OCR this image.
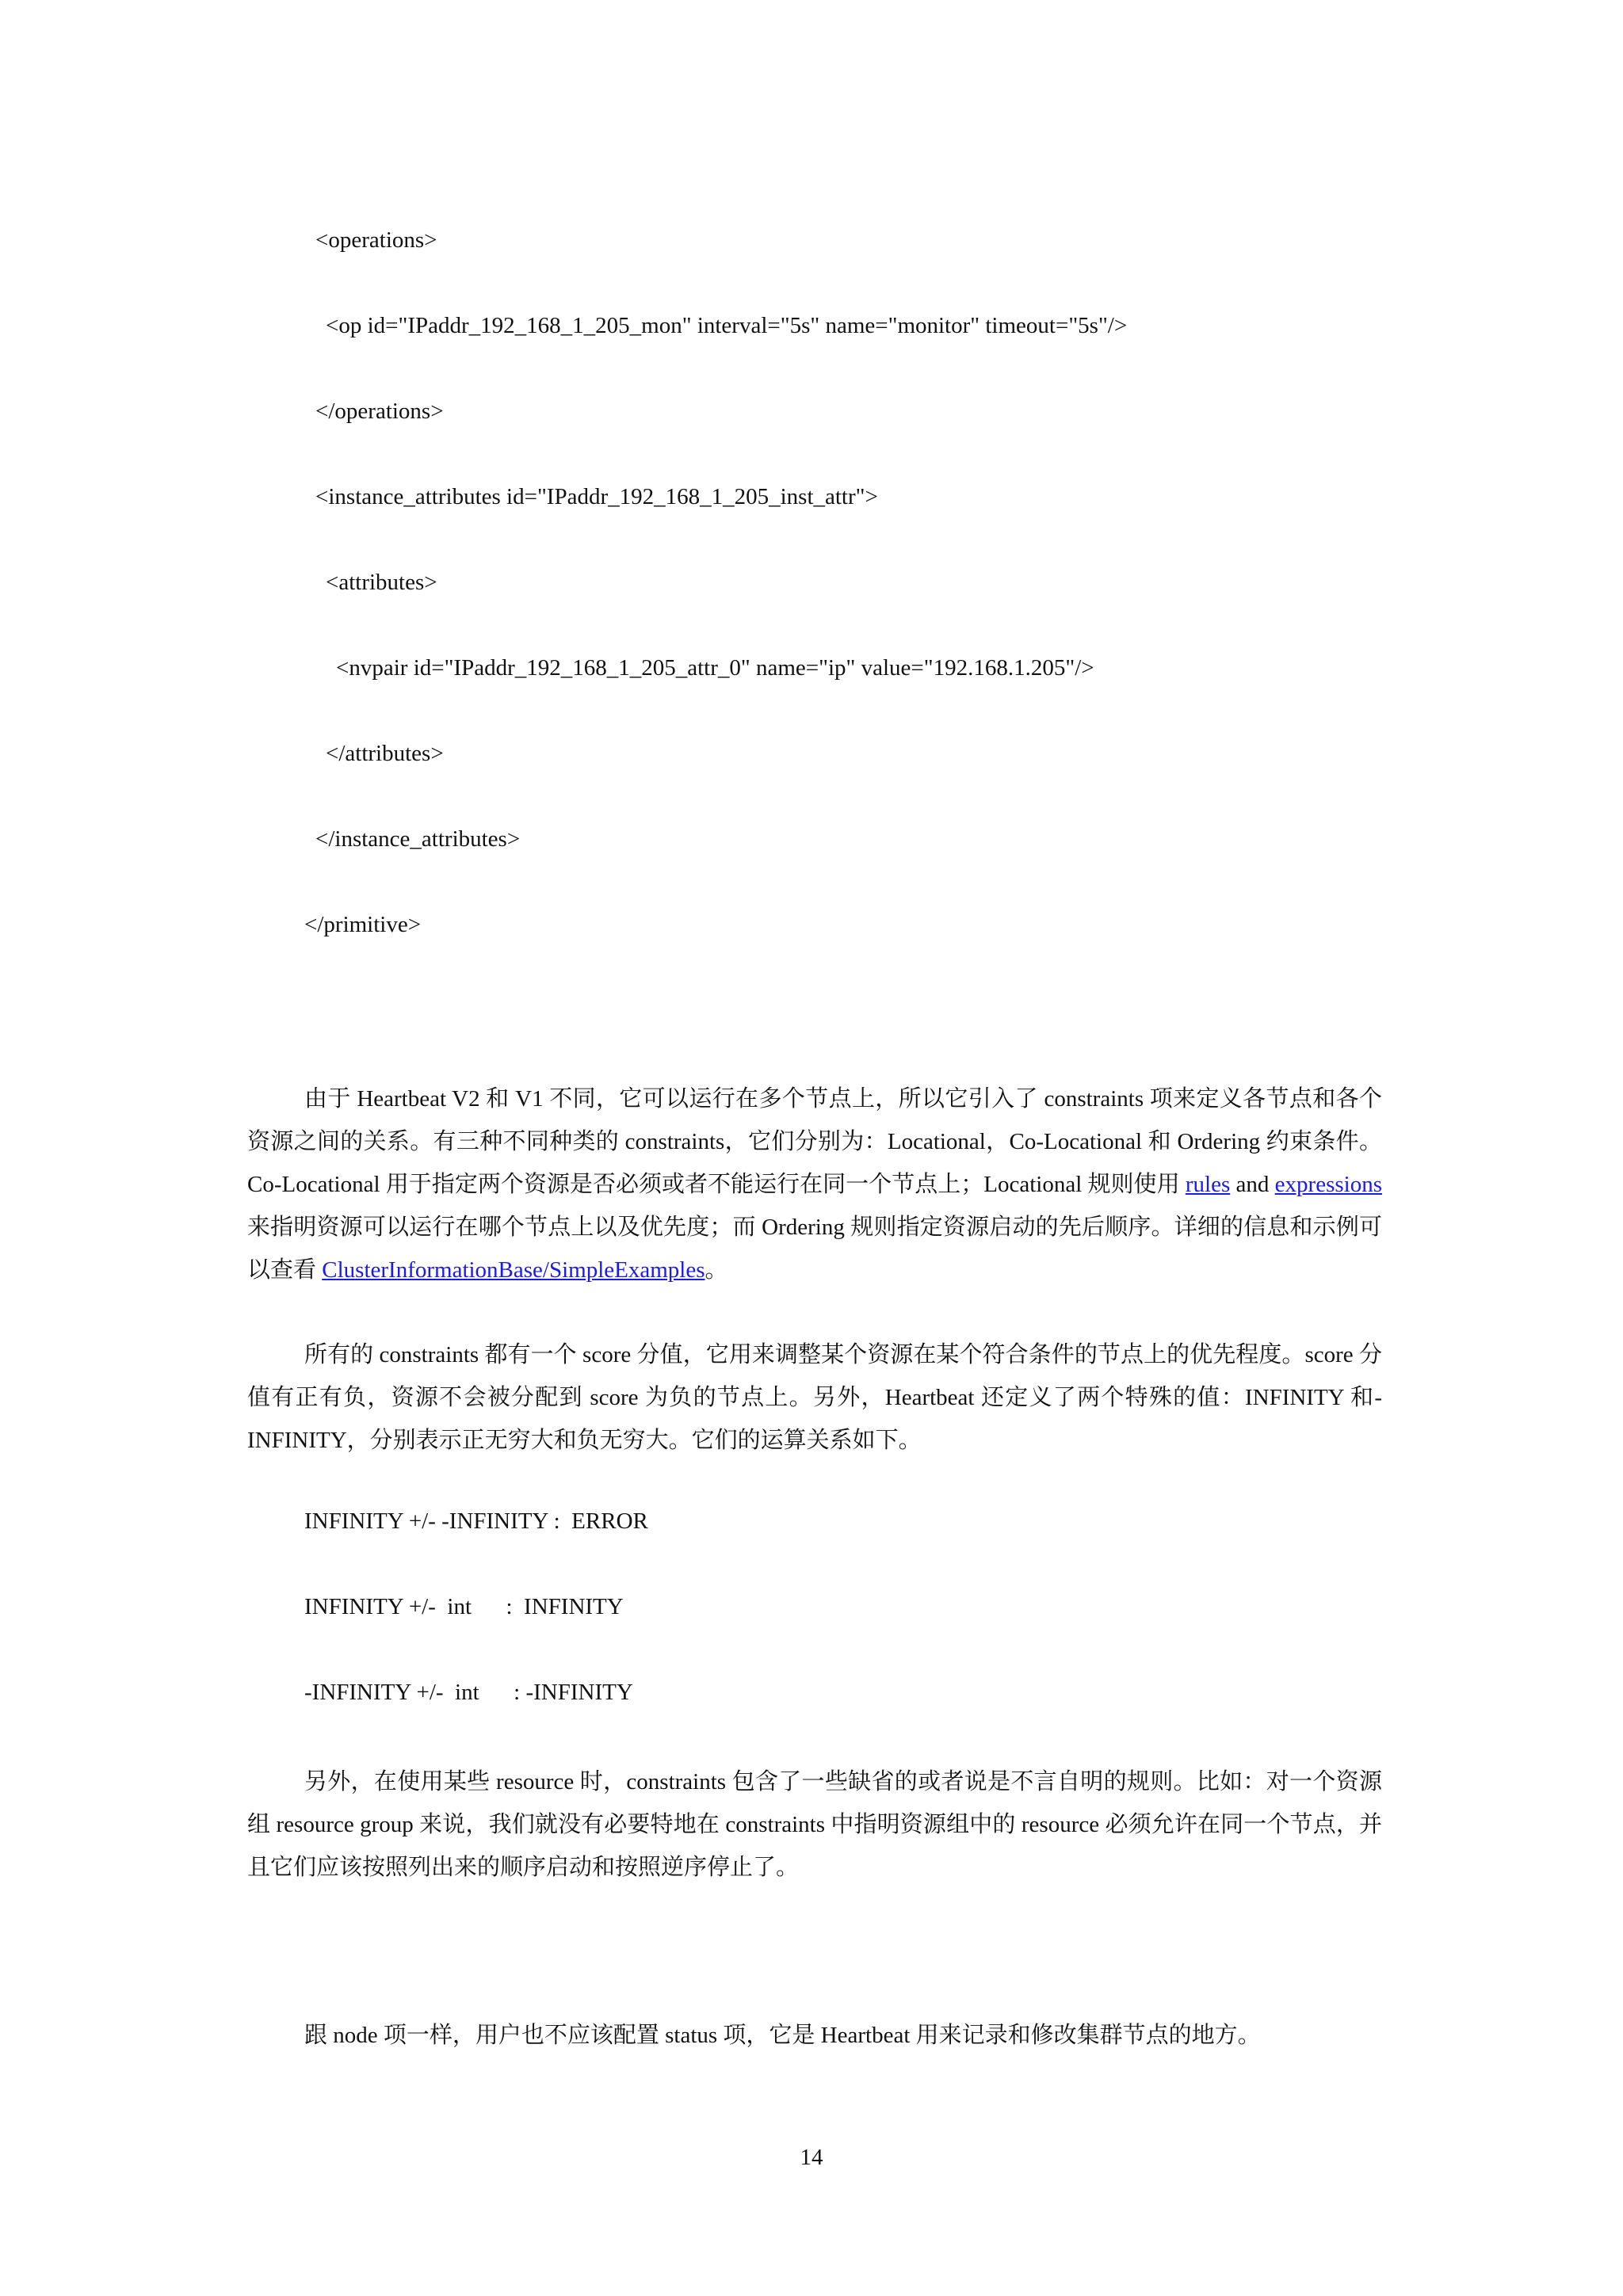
<operations>

<op id="IPaddr_192_168_1_205_mon" interval="5s" name="monitor" timeout="5s"/>

</operations>

<instance_attributes id="IPaddr_192_168_1_205_inst_attr">

<attributes>

<nvpair id="IPaddr_192_168_1_205_attr_0" name="ip" value="192.168.1.205"/>

</attributes>

</instance_attributes>

</primitive>

由于 Heartbeat V2 和 V1 不同，它可以运行在多个节点上，所以它引入了 constraints 项来定义各节点和各个资源之间的关系。有三种不同种类的 constraints，它们分别为：Locational，Co-Locational 和 Ordering 约束条件。Co-Locational 用于指定两个资源是否必须或者不能运行在同一个节点上；Locational 规则使用 rules and expressions 来指明资源可以运行在哪个节点上以及优先度；而 Ordering 规则指定资源启动的先后顺序。详细的信息和示例可以查看 ClusterInformationBase/SimpleExamples。

所有的 constraints 都有一个 score 分值，它用来调整某个资源在某个符合条件的节点上的优先程度。score 分值有正有负，资源不会被分配到 score 为负的节点上。另外，Heartbeat 还定义了两个特殊的值：INFINITY 和-INFINITY，分别表示正无穷大和负无穷大。它们的运算关系如下。

INFINITY +/- -INFINITY :  ERROR

INFINITY +/-  int      :  INFINITY

-INFINITY +/-  int      : -INFINITY

另外，在使用某些 resource 时，constraints 包含了一些缺省的或者说是不言自明的规则。比如：对一个资源组 resource group 来说，我们就没有必要特地在 constraints 中指明资源组中的 resource 必须允许在同一个节点，并且它们应该按照列出来的顺序启动和按照逆序停止了。

跟 node 项一样，用户也不应该配置 status 项，它是 Heartbeat 用来记录和修改集群节点的地方。

14
